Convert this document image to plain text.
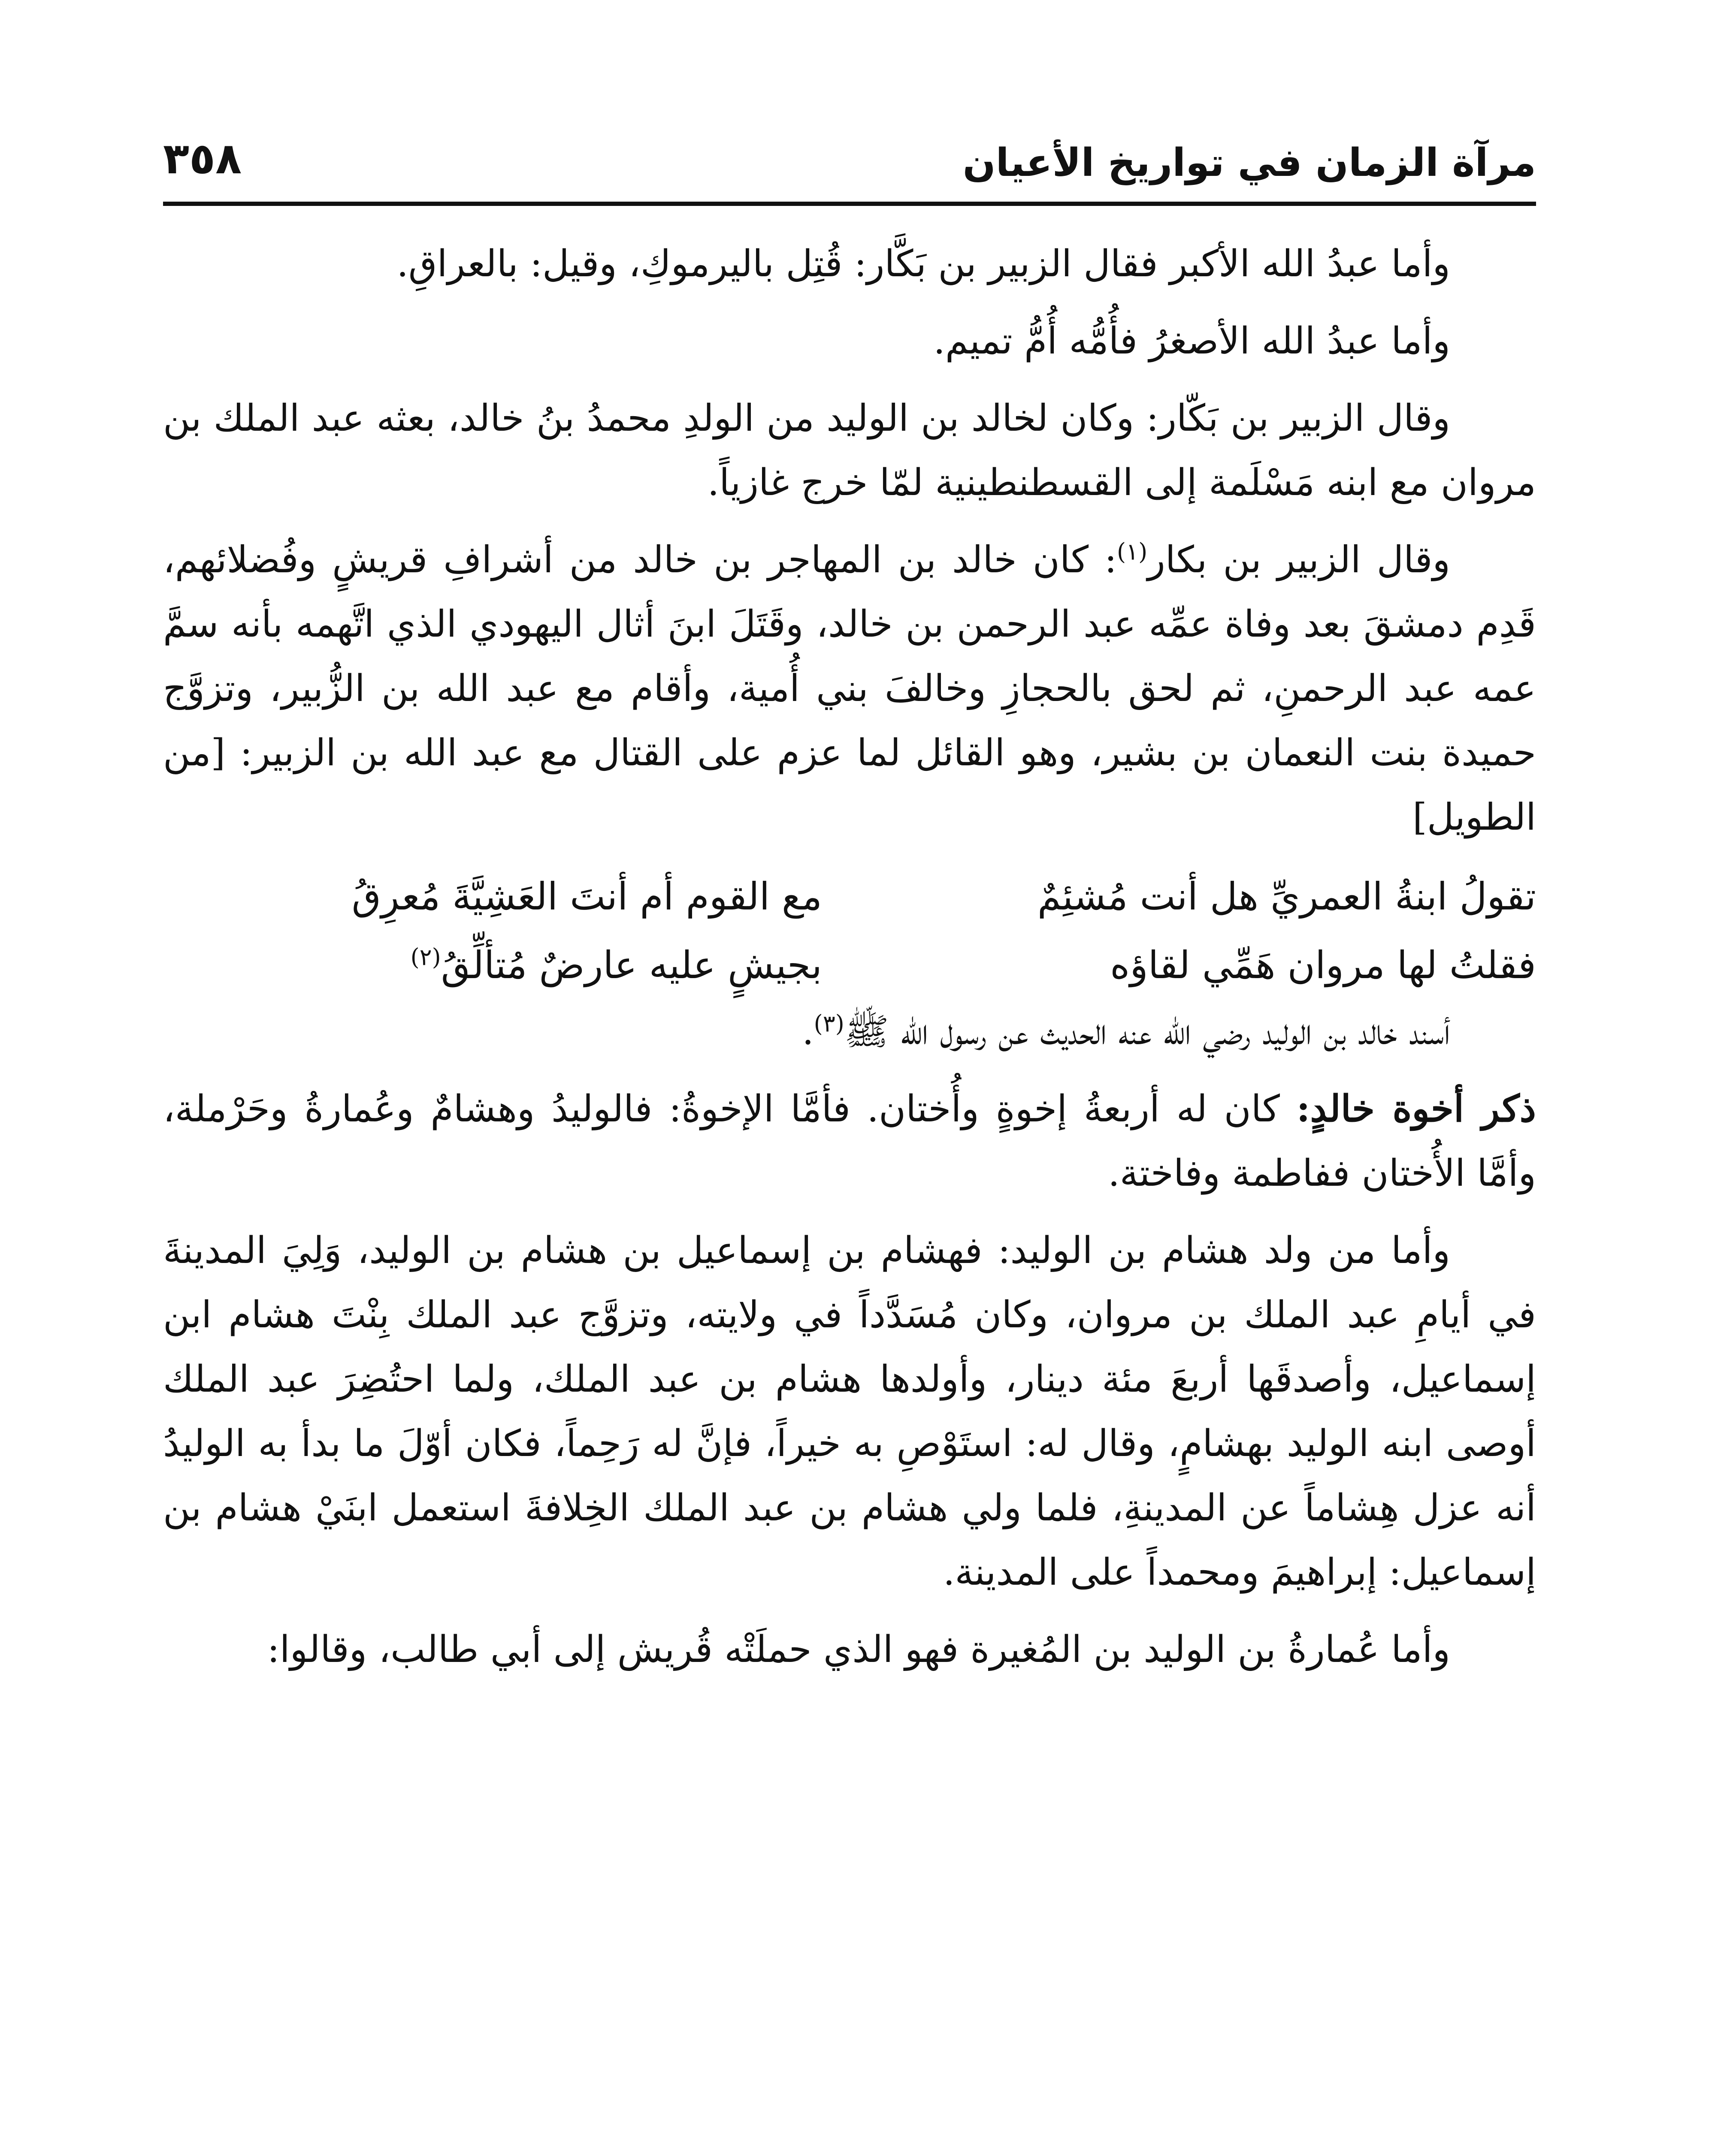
مرآة الزمان في تواريخ الأعيان
٣٥٨

وأما عبدُ الله الأكبر فقال الزبير بن بَكَّار: قُتِل باليرموكِ، وقيل: بالعراقِ.

وأما عبدُ الله الأصغرُ فأُمُّه أُمُّ تميم.

وقال الزبير بن بَكّار: وكان لخالد بن الوليد من الولدِ محمدُ بنُ خالد، بعثه عبد الملك بن مروان مع ابنه مَسْلَمة إلى القسطنطينية لمّا خرج غازياً.

وقال الزبير بن بكار$^{(١)}$: كان خالد بن المهاجر بن خالد من أشرافِ قريشٍ وفُضلائهم، قَدِم دمشقَ بعد وفاة عمِّه عبد الرحمن بن خالد، وقَتَلَ ابنَ أثال اليهودي الذي اتَّهمه بأنه سمَّ عمه عبد الرحمنِ، ثم لحق بالحجازِ وخالفَ بني أُمية، وأقام مع عبد الله بن الزُّبير، وتزوَّج حميدة بنت النعمان بن بشير، وهو القائل لما عزم على القتال مع عبد الله بن الزبير: [من الطويل]

تقولُ ابنةُ العمريِّ هل أنت مُشئِمٌ
مع القوم أم أنتَ العَشِيَّةَ مُعرِقُ
فقلتُ لها مروان هَمِّي لقاؤه
بجيشٍ عليه عارضٌ مُتألِّقُ$^{(٢)}$

أسند خالد بن الوليد رضي الله عنه الحديث عن رسول الله ﷺ$^{(٣)}$.

ذكر أخوة خالدٍ: كان له أربعةُ إخوةٍ وأُختان. فأمَّا الإخوةُ: فالوليدُ وهشامٌ وعُمارةُ وحَرْملة، وأمَّا الأُختان ففاطمة وفاختة.

وأما من ولد هشام بن الوليد: فهشام بن إسماعيل بن هشام بن الوليد، وَلِيَ المدينةَ في أيامِ عبد الملك بن مروان، وكان مُسَدَّداً في ولايته، وتزوَّج عبد الملك بِنْتَ هشام ابن إسماعيل، وأصدقَها أربعَ مئة دينار، وأولدها هشام بن عبد الملك، ولما احتُضِرَ عبد الملك أوصى ابنه الوليد بهشامٍ، وقال له: استَوْصِ به خيراً، فإنَّ له رَحِماً، فكان أوّلَ ما بدأ به الوليدُ أنه عزل هِشاماً عن المدينةِ، فلما ولي هشام بن عبد الملك الخِلافةَ استعمل ابنَيْ هشام بن إسماعيل: إبراهيمَ ومحمداً على المدينة.

وأما عُمارةُ بن الوليد بن المُغيرة فهو الذي حملَتْه قُريش إلى أبي طالب، وقالوا:
